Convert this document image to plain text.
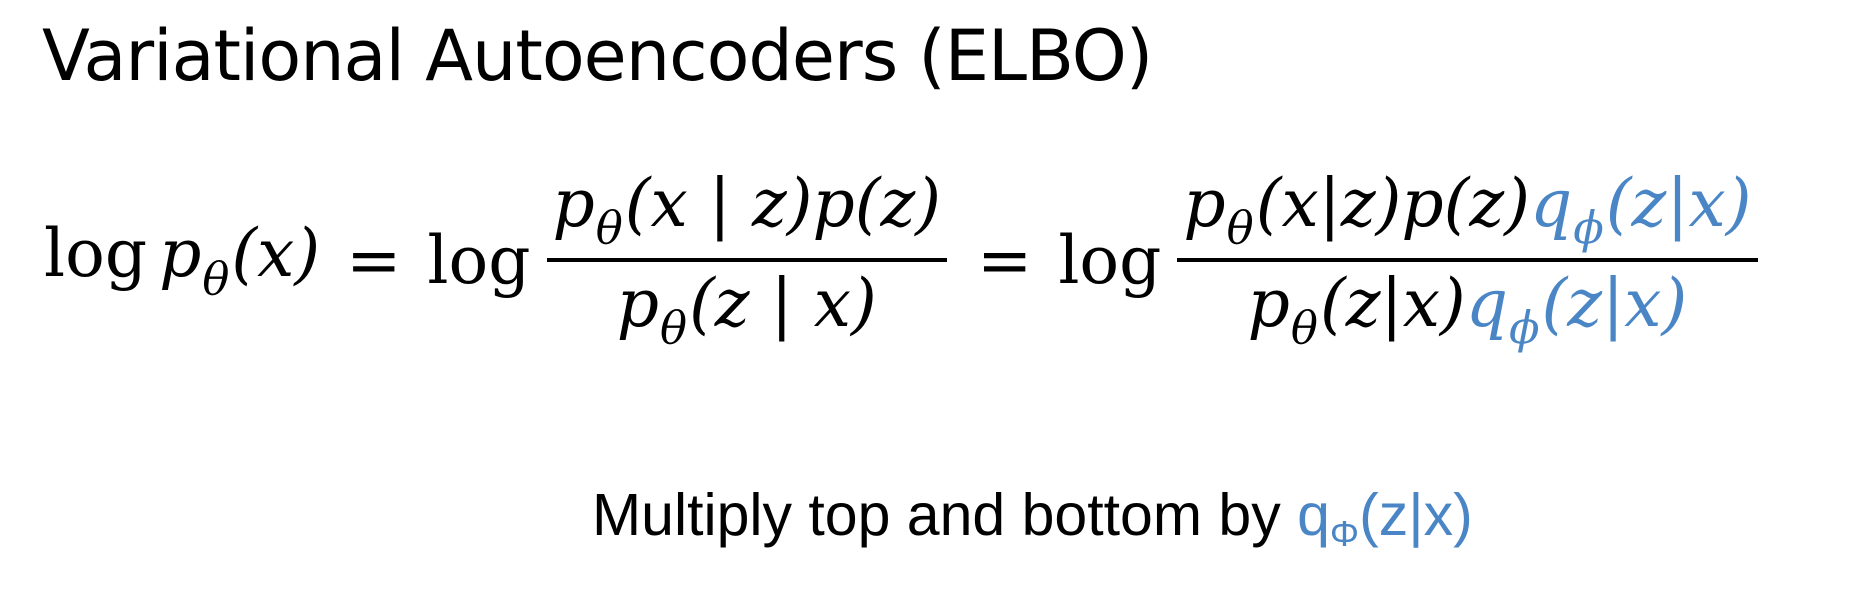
Variational Autoencoders (ELBO)
$\log p_\theta(x) = \log \frac{p_\theta(x | z)p(z)}{p_\theta(z | x)} = \log \frac{p_\theta(x|z)p(z)q_\phi(z|x)}{p_\theta(z|x)q_\phi(z|x)}$
Multiply top and bottom by qΦ(z|x)
